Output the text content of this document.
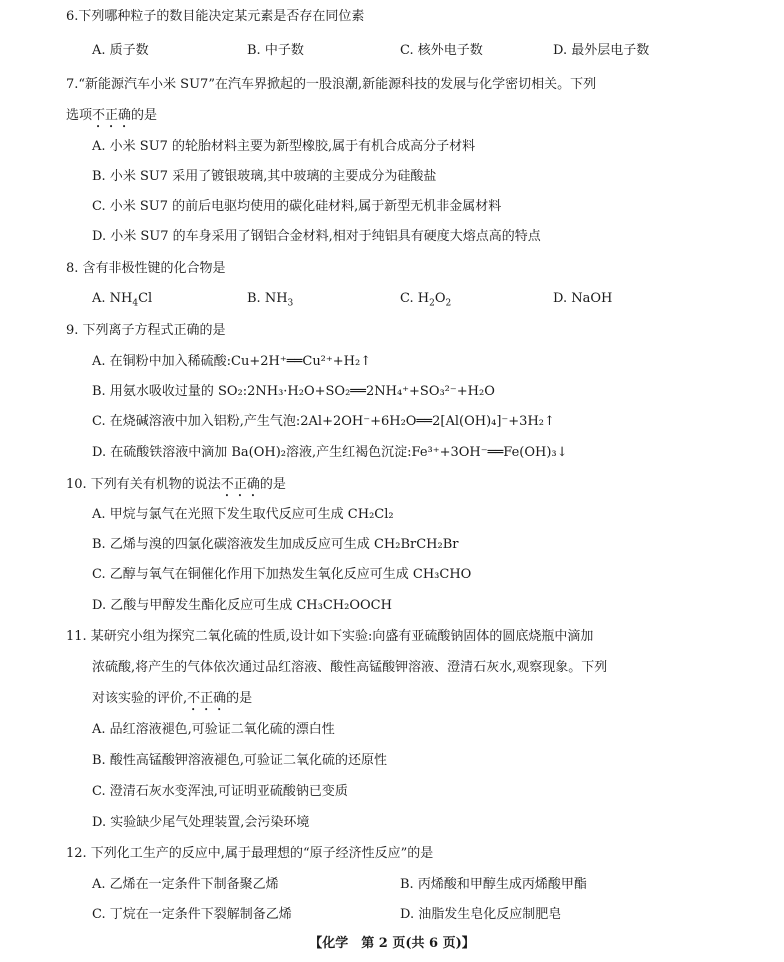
6.下列哪种粒子的数目能决定某元素是否存在同位素
A. 质子数	B. 中子数	C. 核外电子数	D. 最外层电子数
7.“新能源汽车小米 SU7”在汽车界掀起的一股浪潮,新能源科技的发展与化学密切相关。下列
选项不正确的是
A. 小米 SU7 的轮胎材料主要为新型橡胶,属于有机合成高分子材料
B. 小米 SU7 采用了镀银玻璃,其中玻璃的主要成分为硅酸盐
C. 小米 SU7 的前后电驱均使用的碳化硅材料,属于新型无机非金属材料
D. 小米 SU7 的车身采用了钢铝合金材料,相对于纯铝具有硬度大熔点高的特点
8. 含有非极性键的化合物是
A. $NH_4Cl$	B. $NH_3$	C. $H_2O_2$	D. NaOH
9. 下列离子方程式正确的是
A. 在铜粉中加入稀硫酸:Cu+2H⁺══Cu²⁺+H₂↑
B. 用氨水吸收过量的 SO₂:2NH₃·H₂O+SO₂══2NH₄⁺+SO₃²⁻+H₂O
C. 在烧碱溶液中加入铝粉,产生气泡:2Al+2OH⁻+6H₂O══2[Al(OH)₄]⁻+3H₂↑
D. 在硫酸铁溶液中滴加 Ba(OH)₂溶液,产生红褐色沉淀:Fe³⁺+3OH⁻══Fe(OH)₃↓
10. 下列有关有机物的说法不正确的是
A. 甲烷与氯气在光照下发生取代反应可生成 CH₂Cl₂
B. 乙烯与溴的四氯化碳溶液发生加成反应可生成 CH₂BrCH₂Br
C. 乙醇与氧气在铜催化作用下加热发生氧化反应可生成 CH₃CHO
D. 乙酸与甲醇发生酯化反应可生成 CH₃CH₂OOCH
11. 某研究小组为探究二氧化硫的性质,设计如下实验:向盛有亚硫酸钠固体的圆底烧瓶中滴加
浓硫酸,将产生的气体依次通过品红溶液、酸性高锰酸钾溶液、澄清石灰水,观察现象。下列
对该实验的评价,不正确的是
A. 品红溶液褪色,可验证二氧化硫的漂白性
B. 酸性高锰酸钾溶液褪色,可验证二氧化硫的还原性
C. 澄清石灰水变浑浊,可证明亚硫酸钠已变质
D. 实验缺少尾气处理装置,会污染环境
12. 下列化工生产的反应中,属于最理想的“原子经济性反应”的是
A. 乙烯在一定条件下制备聚乙烯	B. 丙烯酸和甲醇生成丙烯酸甲酯
C. 丁烷在一定条件下裂解制备乙烯	D. 油脂发生皂化反应制肥皂
【化学　第 2 页(共 6 页)】
